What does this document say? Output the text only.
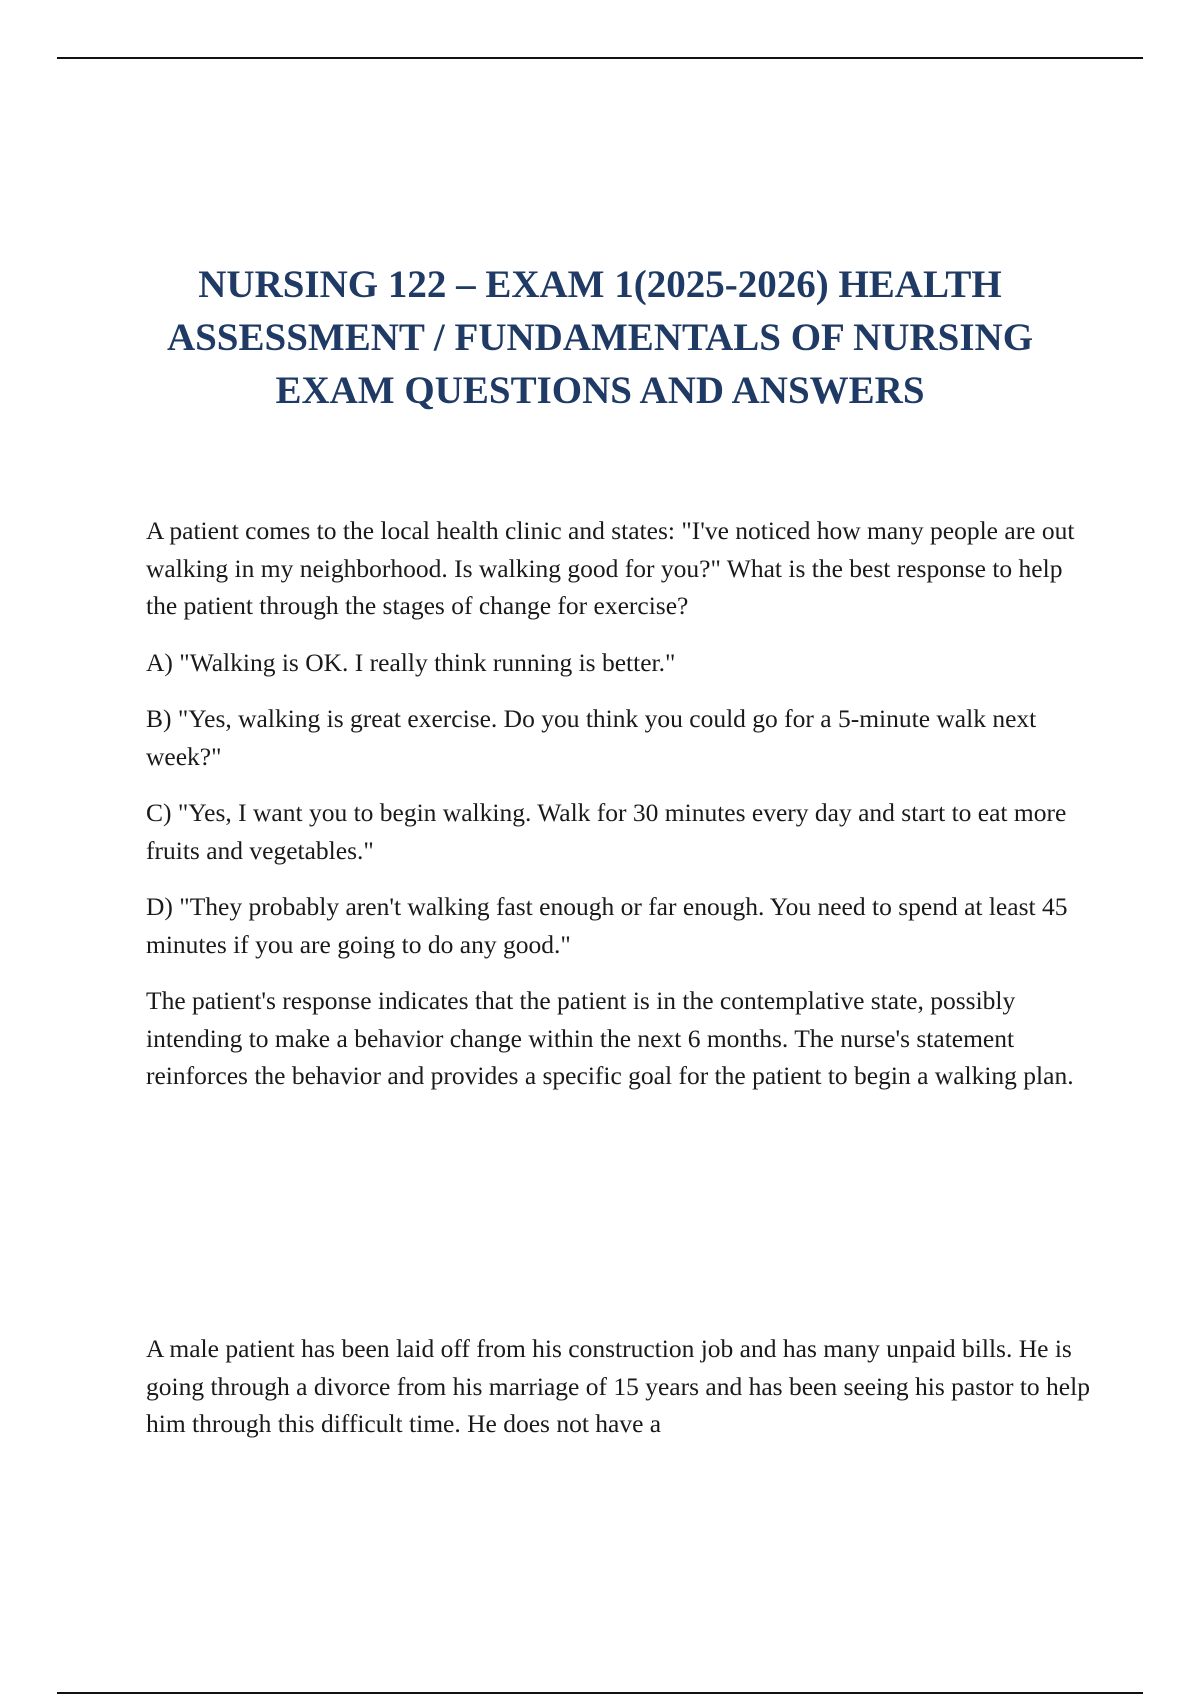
NURSING 122 – EXAM 1(2025-2026) HEALTH
ASSESSMENT / FUNDAMENTALS OF NURSING
EXAM QUESTIONS AND ANSWERS

A patient comes to the local health clinic and states: "I've noticed how many people are out walking in my neighborhood. Is walking good for you?" What is the best response to help the patient through the stages of change for exercise?

A) "Walking is OK. I really think running is better."

B) "Yes, walking is great exercise. Do you think you could go for a 5-minute walk next week?"

C) "Yes, I want you to begin walking. Walk for 30 minutes every day and start to eat more fruits and vegetables."

D) "They probably aren't walking fast enough or far enough. You need to spend at least 45 minutes if you are going to do any good."

The patient's response indicates that the patient is in the contemplative state, possibly intending to make a behavior change within the next 6 months. The nurse's statement reinforces the behavior and provides a specific goal for the patient to begin a walking plan.

A male patient has been laid off from his construction job and has many unpaid bills. He is going through a divorce from his marriage of 15 years and has been seeing his pastor to help him through this difficult time. He does not have a
